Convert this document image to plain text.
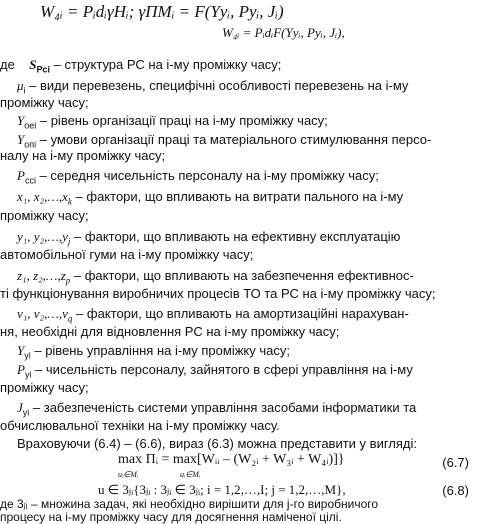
W₄ᵢ = PᵢdᵢγHᵢ; γПМᵢ = F(Yyᵢ, Pyᵢ, Jᵢ)
W₄ᵢ = PᵢdᵢF(Yyᵢ, Pyᵢ, Jᵢ),
де $S_{Pci}$ – структура РС на i-му проміжку часу;
$\mu_i$ – види перевезень, специфічні особливості перевезень на i-му
проміжку часу;
$Y_{oei}$ – рівень організації праці на i-му проміжку часу;
$Y_{oпi}$ – умови організації праці та матеріального стимулювання персо-
налу на i-му проміжку часу;
$P_{cci}$ – середня чисельність персоналу на i-му проміжку часу;
x₁, $x_2,\dots,x_k$ – фактори, що впливають на витрати пального на i-му
проміжку часу;
y₁, $y_2,\dots,y_j$ – фактори, що впливають на ефективну експлуатацію
автомобільної гуми на i-му проміжку часу;
z₁, $z_2,\dots,z_p$ – фактори, що впливають на забезпечення ефективнос-
ті функціонування виробничих процесів ТО та РС на i-му проміжку часу;
v₁, $v_2,\dots,v_q$ – фактори, що впливають на амортизаційні нарахуван-
ня, необхідні для відновлення РС на i-му проміжку часу;
$Y_{yi}$ – рівень управління на i-му проміжку часу;
$P_{yi}$ – чисельність персоналу, зайнятого в сфері управління на i-му
проміжку часу;
$J_{yi}$ – забезпеченість системи управління засобами інформатики та
обчислювальної техніки на i-му проміжку часу.
Враховуючи (6.4) – (6.6), вираз (6.3) можна представити у вигляді:
max Пᵢ = max[Wᵢᵢ – (W₂ᵢ + W₃ᵢ + W₄ᵢ)]}
uᵢ∈Mᵢ	uᵢ∈Mᵢ
(6.7)
u ∈ 3ⱼᵢ{3ⱼᵢ : 3ⱼᵢ ∈ 3ⱼᵢ; i = 1,2,…,I; j = 1,2,…,M},	(6.8)
де 3ⱼᵢ – множина задач, які необхідно вирішити для j-го виробничого
процесу на i-му проміжку часу для досягнення наміченої цілі.
